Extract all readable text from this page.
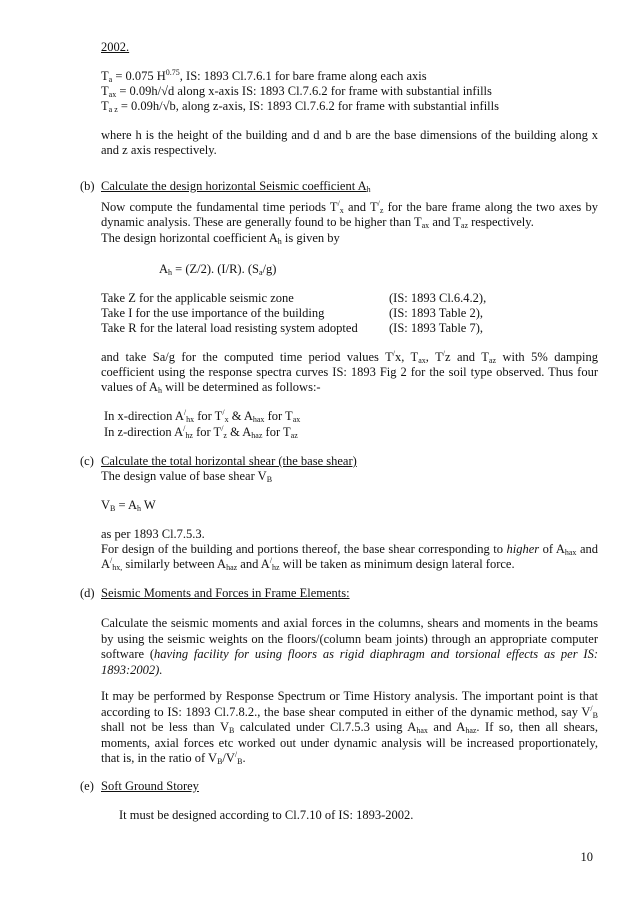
2002.
$T_a = 0.075$ $H^{0.75}$, IS: 1893 Cl.7.6.1 for bare frame along each axis
$T_{ax} = 0.09h/√d$ along x-axis IS: 1893 Cl.7.6.2 for frame with substantial infills
$T_{a z} = 0.09h/√b$, along z-axis, IS: 1893 Cl.7.6.2 for frame with substantial infills
where h is the height of the building and d and b are the base dimensions of the building along x and z axis respectively.
(b) Calculate the design horizontal Seismic coefficient $A_h$
Now compute the fundamental time periods $T^/_x$ and $T^/_z$ for the bare frame along the two axes by dynamic analysis. These are generally found to be higher than $T_{ax}$ and $T_{az}$ respectively.
The design horizontal coefficient $A_h$ is given by
$A_h = (Z/2)$. (I/R). $(S_a/g)$
Take Z for the applicable seismic zone	(IS: 1893 Cl.6.4.2),
Take I for the use importance of the building	(IS: 1893 Table 2),
Take R for the lateral load resisting system adopted	(IS: 1893 Table 7),
and take Sa/g for the computed time period values T/x, $T_{ax}$, T/z and $T_{az}$ with 5% damping coefficient using the response spectra curves IS: 1893 Fig 2 for the soil type observed. Thus four values of $A_h$ will be determined as follows:-
In x-direction $A^/_{hx}$ for $T^/_x$ & $A_{hax}$ for $T_{ax}$
In z-direction $A^/_{hz}$ for $T^/_z$ & $A_{haz}$ for $T_{az}$
(c) Calculate the total horizontal shear (the base shear)
The design value of base shear $V_B$
$V_B = A_h$ W
as per 1893 Cl.7.5.3.
For design of the building and portions thereof, the base shear corresponding to higher of $A_{hax}$ and $A^/_{hx,}$ similarly between $A_{haz}$ and $A^/_{hz}$ will be taken as minimum design lateral force.
(d) Seismic Moments and Forces in Frame Elements:
Calculate the seismic moments and axial forces in the columns, shears and moments in the beams by using the seismic weights on the floors/(column beam joints) through an appropriate computer software (having facility for using floors as rigid diaphragm and torsional effects as per IS: 1893:2002).
It may be performed by Response Spectrum or Time History analysis. The important point is that according to IS: 1893 Cl.7.8.2., the base shear computed in either of the dynamic method, say $V^/_B$ shall not be less than $V_B$ calculated under Cl.7.5.3 using $A_{hax}$ and $A_{haz}$. If so, then all shears, moments, axial forces etc worked out under dynamic analysis will be increased proportionately, that is, in the ratio of $V_B/V^/_B$.
(e) Soft Ground Storey
It must be designed according to Cl.7.10 of IS: 1893-2002.
10
